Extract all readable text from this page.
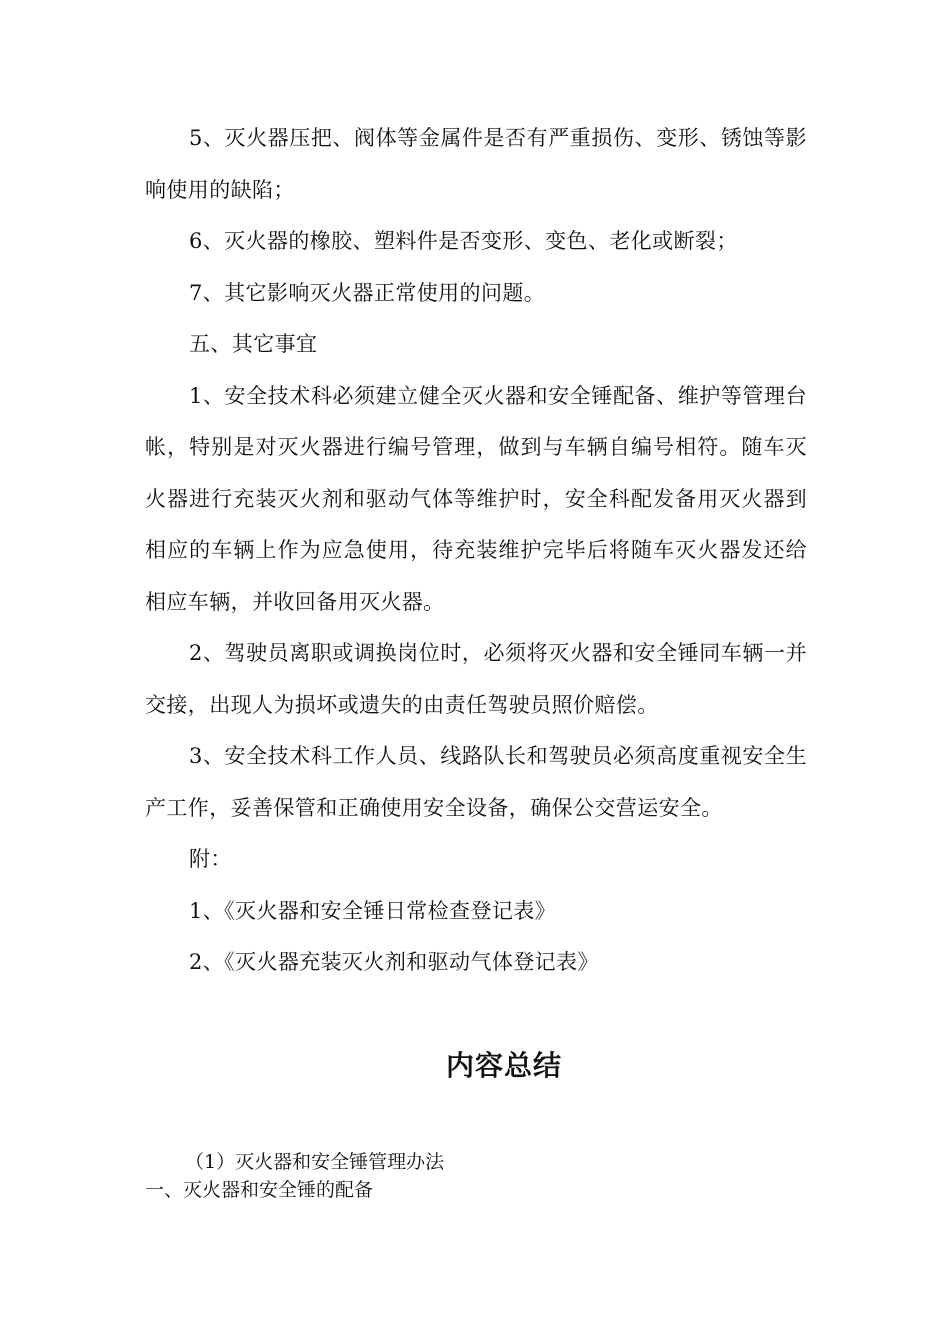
5、灭火器压把、阀体等金属件是否有严重损伤、变形、锈蚀等影响使用的缺陷；

6、灭火器的橡胶、塑料件是否变形、变色、老化或断裂；

7、其它影响灭火器正常使用的问题。

五、其它事宜

1、安全技术科必须建立健全灭火器和安全锤配备、维护等管理台帐，特别是对灭火器进行编号管理，做到与车辆自编号相符。随车灭火器进行充装灭火剂和驱动气体等维护时，安全科配发备用灭火器到相应的车辆上作为应急使用，待充装维护完毕后将随车灭火器发还给相应车辆，并收回备用灭火器。

2、驾驶员离职或调换岗位时，必须将灭火器和安全锤同车辆一并交接，出现人为损坏或遗失的由责任驾驶员照价赔偿。

3、安全技术科工作人员、线路队长和驾驶员必须高度重视安全生产工作，妥善保管和正确使用安全设备，确保公交营运安全。

附：

1、《灭火器和安全锤日常检查登记表》

2、《灭火器充装灭火剂和驱动气体登记表》

内容总结

（1）灭火器和安全锤管理办法

一、灭火器和安全锤的配备
